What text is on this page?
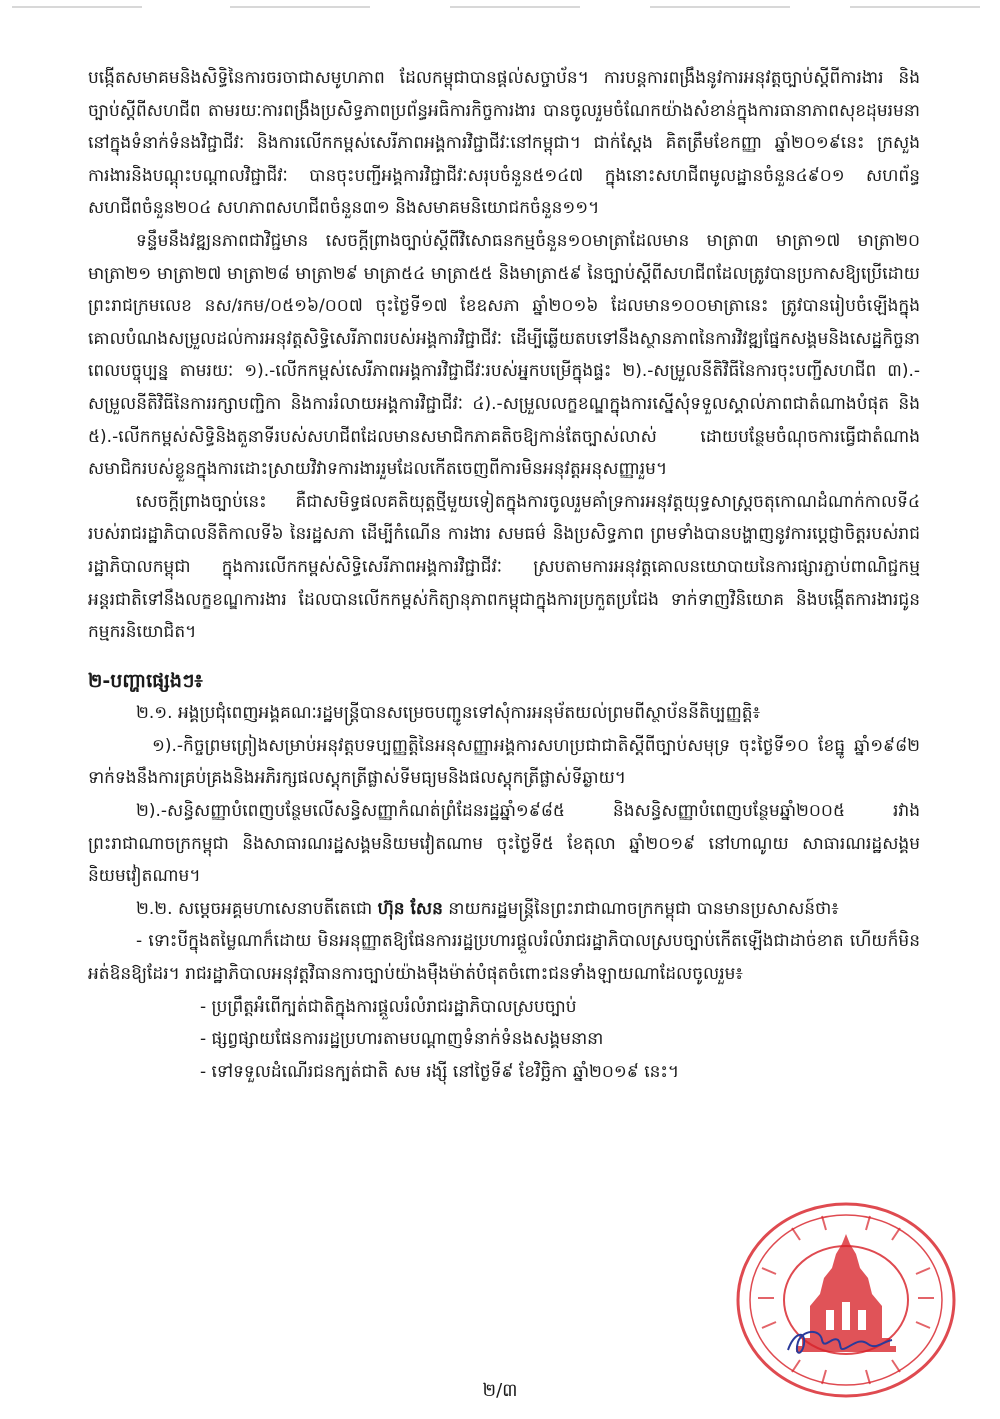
បង្កើតសមាគមនិងសិទ្ធិនៃការចរចាជាសមូហភាព ដែលកម្ពុជាបានផ្ដល់សច្ចាប័ន។ ការបន្តការពង្រឹងនូវការអនុវត្តច្បាប់ស្ដីពីការងារ និងច្បាប់ស្ដីពីសហជីព តាមរយៈការពង្រឹងប្រសិទ្ធភាពប្រព័ន្ធអធិការកិច្ចការងារ បានចូលរួមចំណែកយ៉ាងសំខាន់ក្នុងការធានាភាពសុខដុមរមនានៅក្នុងទំនាក់ទំនងវិជ្ជាជីវៈ និងការលើកកម្ពស់សេរីភាពអង្គការវិជ្ជាជីវៈនៅកម្ពុជា។ ជាក់ស្ដែង គិតត្រឹមខែកញ្ញា ឆ្នាំ២០១៩នេះ ក្រសួងការងារនិងបណ្ដុះបណ្ដាលវិជ្ជាជីវៈ បានចុះបញ្ជីអង្គការវិជ្ជាជីវៈសរុបចំនួន៥១៤៧ ក្នុងនោះសហជីពមូលដ្ឋានចំនួន៤៩០១ សហព័ន្ធសហជីពចំនួន២០៤ សហភាពសហជីពចំនួន៣១ និងសមាគមនិយោជកចំនួន១១។

ទន្ទឹមនឹងវឌ្ឍនភាពជាវិជ្ជមាន សេចក្ដីព្រាងច្បាប់ស្ដីពីវិសោធនកម្មចំនួន១០មាត្រាដែលមាន មាត្រា៣ មាត្រា១៧ មាត្រា២០ មាត្រា២១ មាត្រា២៧ មាត្រា២៨ មាត្រា២៩ មាត្រា៥៤ មាត្រា៥៥ និងមាត្រា៥៩ នៃច្បាប់ស្ដីពីសហជីពដែលត្រូវបានប្រកាសឱ្យប្រើដោយព្រះរាជក្រមលេខ នស/រកម/០៥១៦/០០៧ ចុះថ្ងៃទី១៧ ខែឧសភា ឆ្នាំ២០១៦ ដែលមាន១០០មាត្រានេះ ត្រូវបានរៀបចំឡើងក្នុងគោលបំណងសម្រួលដល់ការអនុវត្តសិទ្ធិសេរីភាពរបស់អង្គការវិជ្ជាជីវៈ ដើម្បីឆ្លើយតបទៅនឹងស្ថានភាពនៃការវិវឌ្ឍផ្នែកសង្គមនិងសេដ្ឋកិច្ចនាពេលបច្ចុប្បន្ន តាមរយៈ ១).-លើកកម្ពស់សេរីភាពអង្គការវិជ្ជាជីវៈរបស់អ្នកបម្រើក្នុងផ្ទះ ២).-សម្រួលនីតិវិធីនៃការចុះបញ្ជីសហជីព ៣).-សម្រួលនីតិវិធីនៃការរក្សាបញ្ជិកា និងការរំលាយអង្គការវិជ្ជាជីវៈ ៤).-សម្រួលលក្ខខណ្ឌក្នុងការស្នើសុំទទួលស្គាល់ភាពជាតំណាងបំផុត និង ៥).-លើកកម្ពស់សិទ្ធិនិងតួនាទីរបស់សហជីពដែលមានសមាជិកភាគតិចឱ្យកាន់តែច្បាស់លាស់ ដោយបន្ថែមចំណុចការធ្វើជាតំណាងសមាជិករបស់ខ្លួនក្នុងការដោះស្រាយវិវាទការងាររួមដែលកើតចេញពីការមិនអនុវត្តអនុសញ្ញារួម។

សេចក្ដីព្រាងច្បាប់នេះ គឺជាសមិទ្ធផលគតិយុត្តថ្មីមួយទៀតក្នុងការចូលរួមគាំទ្រការអនុវត្តយុទ្ធសាស្ត្រចតុកោណដំណាក់កាលទី៤ របស់រាជរដ្ឋាភិបាលនីតិកាលទី៦ នៃរដ្ឋសភា ដើម្បីកំណើន ការងារ សមធម៌ និងប្រសិទ្ធភាព ព្រមទាំងបានបង្ហាញនូវការប្ដេជ្ញាចិត្តរបស់រាជរដ្ឋាភិបាលកម្ពុជា ក្នុងការលើកកម្ពស់សិទ្ធិសេរីភាពអង្គការវិជ្ជាជីវៈ ស្របតាមការអនុវត្តគោលនយោបាយនៃការផ្សារភ្ជាប់ពាណិជ្ជកម្មអន្តរជាតិទៅនឹងលក្ខខណ្ឌការងារ ដែលបានលើកកម្ពស់កិត្យានុភាពកម្ពុជាក្នុងការប្រកួតប្រជែង ទាក់ទាញវិនិយោគ និងបង្កើតការងារជូនកម្មករនិយោជិត។

២-បញ្ហាផ្សេងៗ៖

២.១. អង្គប្រជុំពេញអង្គគណៈរដ្ឋមន្ត្រីបានសម្រេចបញ្ជូនទៅសុំការអនុម័តយល់ព្រមពីស្ថាប័ននីតិប្បញ្ញត្តិ៖

១).-កិច្ចព្រមព្រៀងសម្រាប់អនុវត្តបទប្បញ្ញត្តិនៃអនុសញ្ញាអង្គការសហប្រជាជាតិស្ដីពីច្បាប់សមុទ្រ ចុះថ្ងៃទី១០ ខែធ្នូ ឆ្នាំ១៩៨២ ទាក់ទងនឹងការគ្រប់គ្រងនិងអភិរក្សផលស្តុកត្រីផ្លាស់ទីមធ្យមនិងផលស្តុកត្រីផ្លាស់ទីឆ្ងាយ។

២).-សន្ធិសញ្ញាបំពេញបន្ថែមលើសន្ធិសញ្ញាកំណត់ព្រំដែនរដ្ឋឆ្នាំ១៩៨៥ និងសន្ធិសញ្ញាបំពេញបន្ថែមឆ្នាំ២០០៥ រវាងព្រះរាជាណាចក្រកម្ពុជា និងសាធារណរដ្ឋសង្គមនិយមវៀតណាម ចុះថ្ងៃទី៥ ខែតុលា ឆ្នាំ២០១៩ នៅហាណូយ សាធារណរដ្ឋសង្គមនិយមវៀតណាម។

២.២. សម្ដេចអគ្គមហាសេនាបតីតេជោ ហ៊ុន សែន នាយករដ្ឋមន្ត្រីនៃព្រះរាជាណាចក្រកម្ពុជា បានមានប្រសាសន៍ថា៖

- ទោះបីក្នុងតម្លៃណាក៏ដោយ មិនអនុញ្ញាតឱ្យផែនការរដ្ឋប្រហារផ្ដួលរំលំរាជរដ្ឋាភិបាលស្របច្បាប់កើតឡើងជាដាច់ខាត ហើយក៏មិនអត់ឱនឱ្យដែរ។ រាជរដ្ឋាភិបាលអនុវត្តវិធានការច្បាប់យ៉ាងម៉ឺងម៉ាត់បំផុតចំពោះជនទាំងឡាយណាដែលចូលរួម៖

- ប្រព្រឹត្តអំពើក្បត់ជាតិក្នុងការផ្ដួលរំលំរាជរដ្ឋាភិបាលស្របច្បាប់

- ផ្សព្វផ្សាយផែនការរដ្ឋប្រហារតាមបណ្ដាញទំនាក់ទំនងសង្គមនានា

- ទៅទទួលដំណើរជនក្បត់ជាតិ សម រង្ស៊ី នៅថ្ងៃទី៩ ខែវិច្ឆិកា ឆ្នាំ២០១៩ នេះ។

២/៣
